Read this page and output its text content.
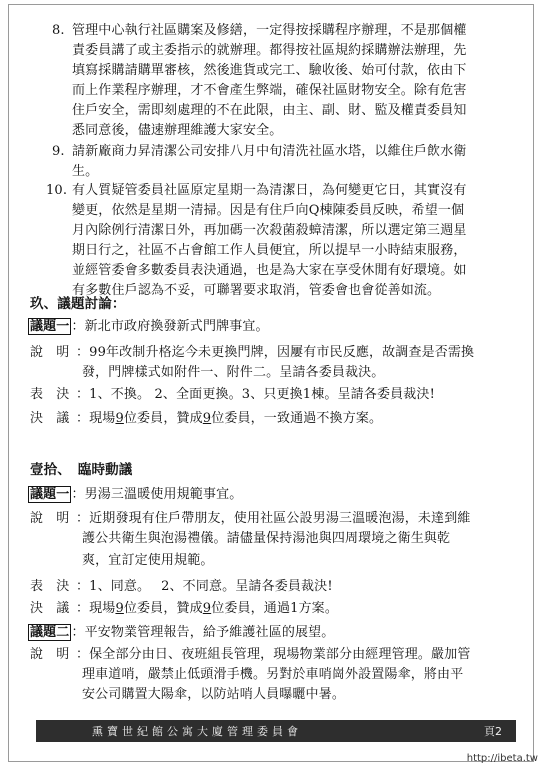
8. 管理中心執行社區購案及修繕，一定得按採購程序辦理，不是那個權
責委員講了或主委指示的就辦理。都得按社區規約採購辦法辦理，先
填寫採購請購單審核，然後進貨或完工、驗收後、始可付款，依由下
而上作業程序辦理，才不會產生弊端，確保社區財物安全。除有危害
住戶安全，需即刻處理的不在此限，由主、副、財、監及權責委員知
悉同意後，儘速辦理維護大家安全。
9. 請新廠商力昇清潔公司安排八月中旬清洗社區水塔，以維住戶飲水衛
生。
10. 有人質疑管委員社區原定星期一為清潔日，為何變更它日，其實沒有
變更，依然是星期一清掃。因是有住戶向Q棟陳委員反映，希望一個
月內除例行清潔日外，再加碼一次殺菌殺蟑清潔，所以選定第三週星
期日行之，社區不占會館工作人員便宜，所以提早一小時結束服務，
並經管委會多數委員表決通過，也是為大家在享受休閒有好環境。如
有多數住戶認為不妥，可聯署要求取消，管委會也會從善如流。
玖、議題討論：
議題一 ：新北市政府換發新式門牌事宜。
說　明 ：99年改制升格迄今未更換門牌，因屢有市民反應，故調查是否需換
發，門牌樣式如附件一、附件二。呈請各委員裁決。
表　決 ：1、不換。 2、全面更換。3、只更換1棟。呈請各委員裁決!
決　議 ：現場9位委員，贊成9位委員，一致通過不換方案。
壹拾、　臨時動議
議題一 ：男湯三溫暖使用規範事宜。
說　明 ：近期發現有住戶帶朋友，使用社區公設男湯三溫暖泡湯，未達到維
護公共衛生與泡湯禮儀。請儘量保持湯池與四周環境之衛生與乾
爽，宜訂定使用規範。
表　決 ：1、同意。　 2、不同意。呈請各委員裁決!
決　議 ：現場9位委員，贊成9位委員，通過1方案。
議題二 ：平安物業管理報告，給予維護社區的展望。
說　明 ：保全部分由日、夜班組長管理，現場物業部分由經理管理。嚴加管
理車道哨，嚴禁止低頭滑手機。另對於車哨崗外設置陽傘，將由平
安公司購置大陽傘，以防站哨人員曝曬中暑。
熏寶世紀館公寓大廈管理委員會	頁2
http://ibeta.tw
